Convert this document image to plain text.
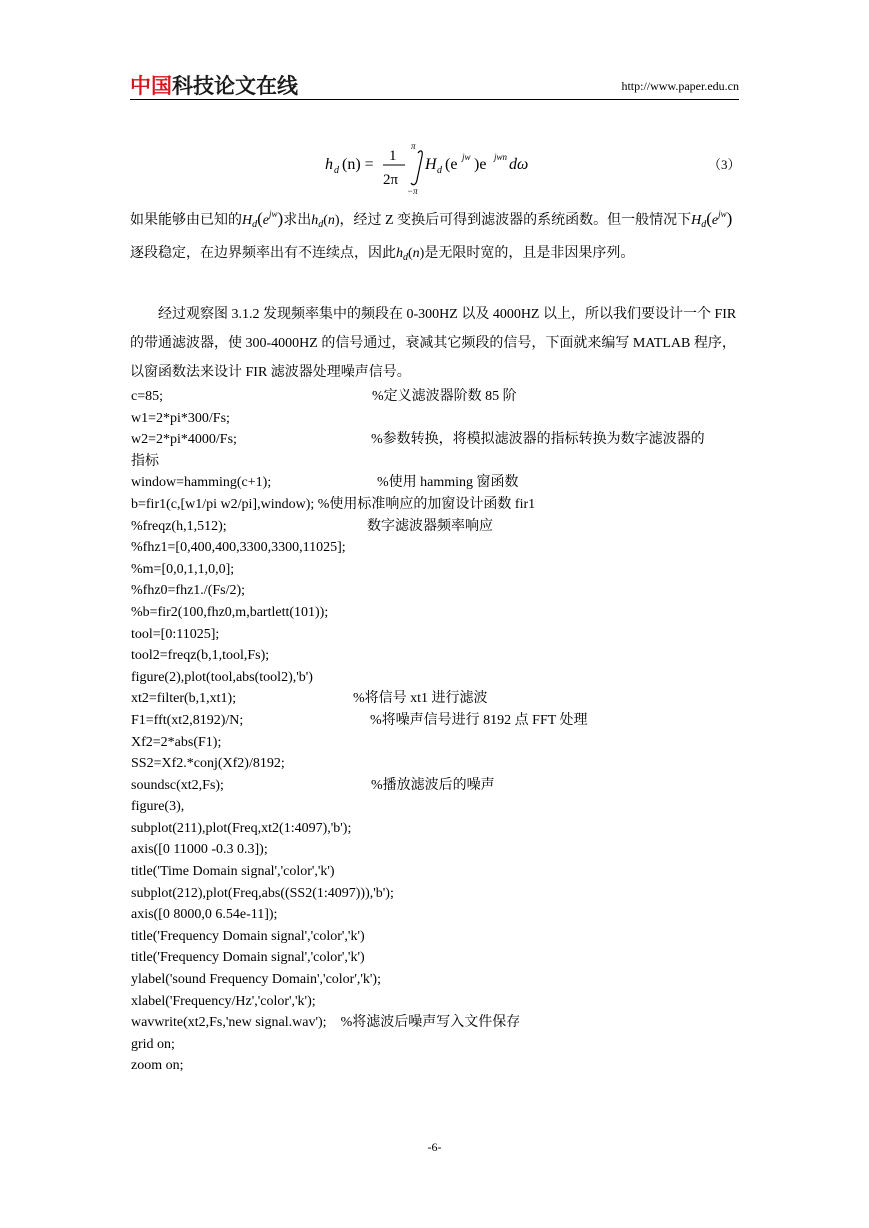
中国科技论文在线	http://www.paper.edu.cn
h d (n) = 1
2π
π
−π
H d (e jw )e jwn dω	（3）
如果能够由已知的$H_d(e^{jw})$求出$h_d(n)$，经过 Z 变换后可得到滤波器的系统函数。但一般情况下$H_d(e^{jw})$逐段稳定，在边界频率出有不连续点，因此$h_d(n)$是无限时宽的，且是非因果序列。
经过观察图 3.1.2 发现频率集中的频段在 0-300HZ 以及 4000HZ 以上，所以我们要设计一个 FIR 的带通滤波器，使 300-4000HZ 的信号通过，衰减其它频段的信号，下面就来编写 MATLAB 程序，以窗函数法来设计 FIR 滤波器处理噪声信号。
c=85;	%定义滤波器阶数 85 阶
w1=2*pi*300/Fs;
w2=2*pi*4000/Fs;	%参数转换，将模拟滤波器的指标转换为数字滤波器的
指标
window=hamming(c+1);	%使用 hamming 窗函数
b=fir1(c,[w1/pi w2/pi],window); %使用标准响应的加窗设计函数 fir1
%freqz(h,1,512);	数字滤波器频率响应
%fhz1=[0,400,400,3300,3300,11025];
%m=[0,0,1,1,0,0];
%fhz0=fhz1./(Fs/2);
%b=fir2(100,fhz0,m,bartlett(101));
tool=[0:11025];
tool2=freqz(b,1,tool,Fs);
figure(2),plot(tool,abs(tool2),'b')
xt2=filter(b,1,xt1);	%将信号 xt1 进行滤波
F1=fft(xt2,8192)/N;	%将噪声信号进行 8192 点 FFT 处理
Xf2=2*abs(F1);
SS2=Xf2.*conj(Xf2)/8192;
soundsc(xt2,Fs);	%播放滤波后的噪声
figure(3),
subplot(211),plot(Freq,xt2(1:4097),'b');
axis([0 11000 -0.3 0.3]);
title('Time Domain signal','color','k')
subplot(212),plot(Freq,abs((SS2(1:4097))),'b');
axis([0 8000,0 6.54e-11]);
title('Frequency Domain signal','color','k')
title('Frequency Domain signal','color','k')
ylabel('sound Frequency Domain','color','k');
xlabel('Frequency/Hz','color','k');
wavwrite(xt2,Fs,'new signal.wav');    %将滤波后噪声写入文件保存
grid on;
zoom on;
-6-
